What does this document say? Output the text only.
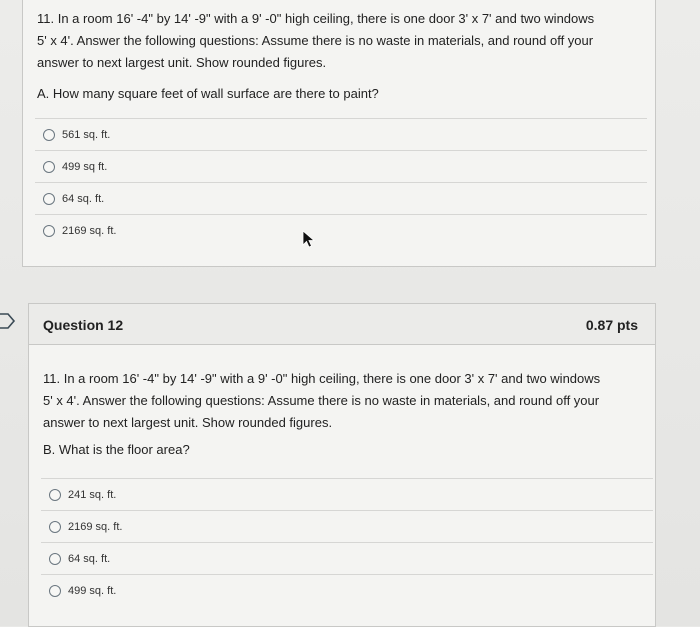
11. In a room 16' -4" by 14' -9" with a 9' -0" high ceiling, there is one door 3' x 7' and two windows
5' x 4'. Answer the following questions: Assume there is no waste in materials, and round off your
answer to next largest unit. Show rounded figures.
A. How many square feet of wall surface are there to paint?
561 sq. ft.
499 sq ft.
64 sq. ft.
2169 sq. ft.
Question 12	0.87 pts
11. In a room 16' -4" by 14' -9" with a 9' -0" high ceiling, there is one door 3' x 7' and two windows
5' x 4'. Answer the following questions: Assume there is no waste in materials, and round off your
answer to next largest unit. Show rounded figures.
B. What is the floor area?
241 sq. ft.
2169 sq. ft.
64 sq. ft.
499 sq. ft.
